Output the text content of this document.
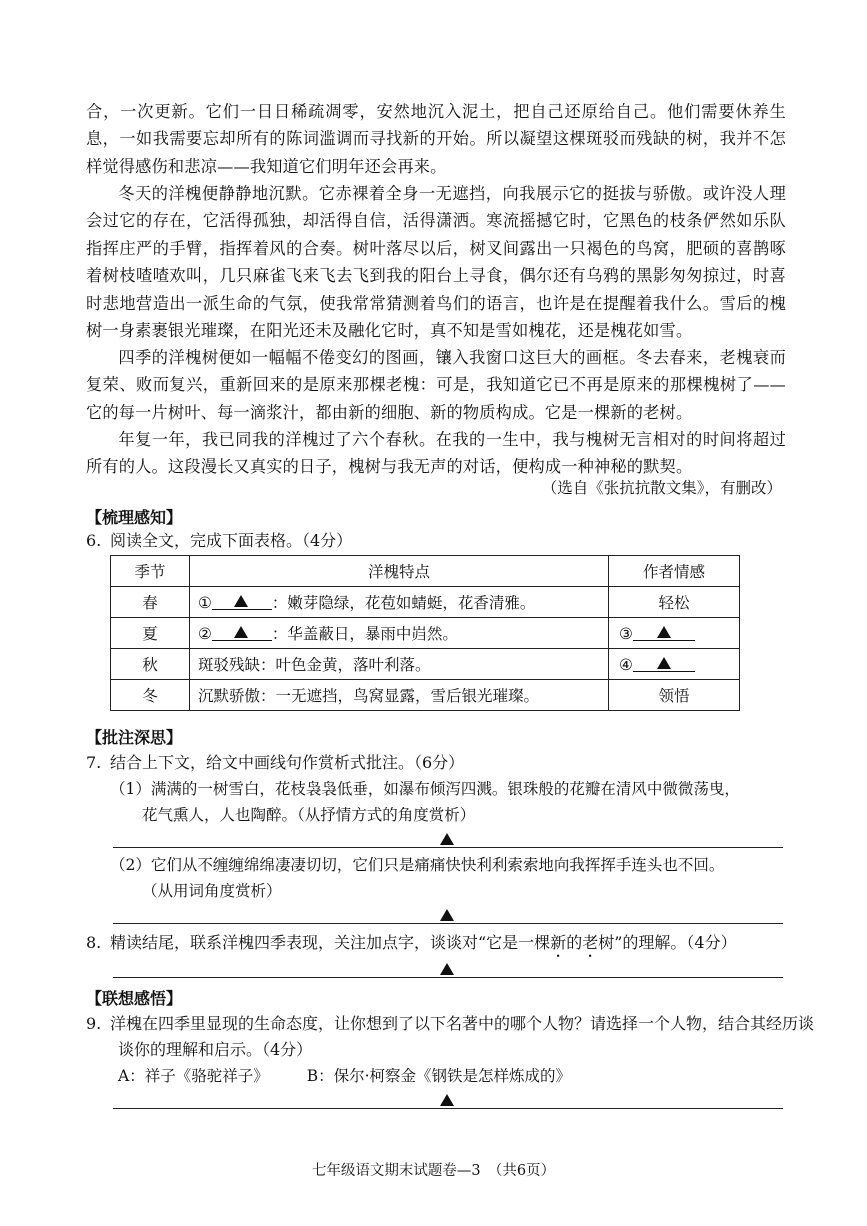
合，一次更新。它们一日日稀疏凋零，安然地沉入泥土，把自己还原给自己。他们需要休养生息，一如我需要忘却所有的陈词滥调而寻找新的开始。所以凝望这棵斑驳而残缺的树，我并不怎样觉得感伤和悲凉——我知道它们明年还会再来。

冬天的洋槐便静静地沉默。它赤裸着全身一无遮挡，向我展示它的挺拔与骄傲。或许没人理会过它的存在，它活得孤独，却活得自信，活得潇洒。寒流摇撼它时，它黑色的枝条俨然如乐队指挥庄严的手臂，指挥着风的合奏。树叶落尽以后，树叉间露出一只褐色的鸟窝，肥硕的喜鹊啄着树枝喳喳欢叫，几只麻雀飞来飞去飞到我的阳台上寻食，偶尔还有乌鸦的黑影匆匆掠过，时喜时悲地营造出一派生命的气氛，使我常常猜测着鸟们的语言，也许是在提醒着我什么。雪后的槐树一身素裹银光璀璨，在阳光还未及融化它时，真不知是雪如槐花，还是槐花如雪。

四季的洋槐树便如一幅幅不倦变幻的图画，镶入我窗口这巨大的画框。冬去春来，老槐衰而复荣、败而复兴，重新回来的是原来那棵老槐：可是，我知道它已不再是原来的那棵槐树了——它的每一片树叶、每一滴浆汁，都由新的细胞、新的物质构成。它是一棵新的老树。

年复一年，我已同我的洋槐过了六个春秋。在我的一生中，我与槐树无言相对的时间将超过所有的人。这段漫长又真实的日子，槐树与我无声的对话，便构成一种神秘的默契。

（选自《张抗抗散文集》，有删改）
【梳理感知】
6. 阅读全文，完成下面表格。（4分）
季节	洋槐特点	作者情感
春	① ：嫩芽隐绿，花苞如蜻蜓，花香清雅。	轻松
夏	② ：华盖蔽日，暴雨中岿然。	③

秋	斑驳残缺：叶色金黄，落叶利落。	④

冬	沉默骄傲：一无遮挡，鸟窝显露，雪后银光璀璨。	领悟
【批注深思】
7. 结合上下文，给文中画线句作赏析式批注。（6分）
（1）满满的一树雪白，花枝袅袅低垂，如瀑布倾泻四溅。银珠般的花瓣在清风中微微荡曳，
花气熏人，人也陶醉。（从抒情方式的角度赏析）
（2）它们从不缠缠绵绵凄凄切切，它们只是痛痛快快利利索索地向我挥挥手连头也不回。
（从用词角度赏析）
8. 精读结尾，联系洋槐四季表现，关注加点字，谈谈对“它是一棵新的老树”的理解。（4分）
【联想感悟】
9. 洋槐在四季里显现的生命态度，让你想到了以下名著中的哪个人物？请选择一个人物，结合其经历谈谈你的理解和启示。（4分）
A：祥子《骆驼祥子》 B：保尔·柯察金《钢铁是怎样炼成的》
七年级语文期末试题卷—3　（共6页）
